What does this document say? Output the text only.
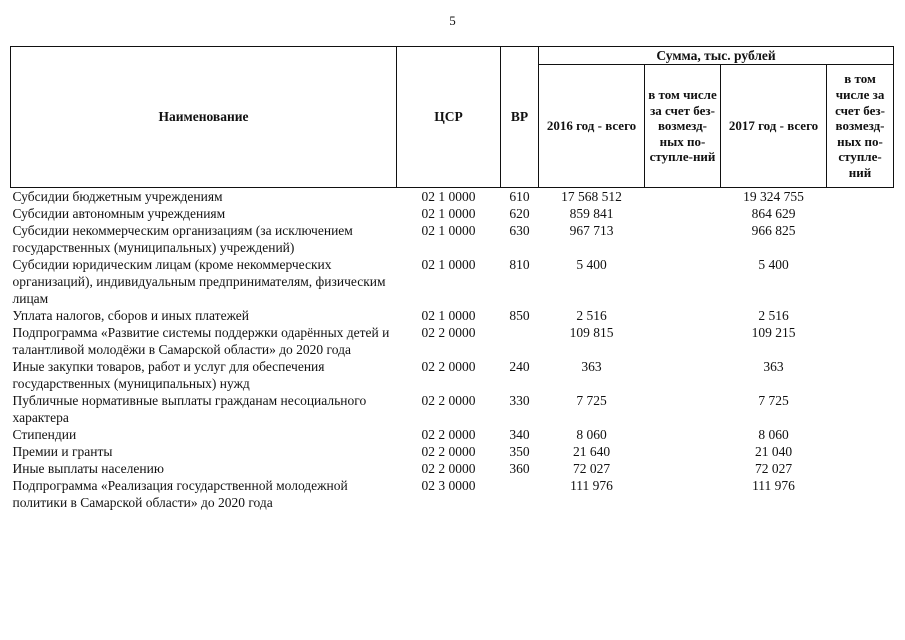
5
Наименование	ЦСР	ВР	Сумма, тыс. рублей			
			2016 год - всего	в том числе за счет без-возмезд-ных по-ступле-ний	2017 год - всего	в том числе за счет без-возмезд-ных по-ступле-ний
Субсидии бюджетным учреждениям	02 1 0000	610	17 568 512		19 324 755	
Субсидии автономным учреждениям	02 1 0000	620	859 841		864 629	
Субсидии некоммерческим организациям (за исключением государственных (муниципальных) учреждений)	02 1 0000	630	967 713		966 825	
Субсидии юридическим лицам (кроме некоммерческих организаций), индивидуальным предпринимателям, физическим лицам	02 1 0000	810	5 400		5 400	
Уплата налогов, сборов и иных платежей	02 1 0000	850	2 516		2 516	
Подпрограмма «Развитие системы поддержки одарённых детей и талантливой молодёжи в Самарской области» до 2020 года	02 2 0000		109 815		109 215	
Иные закупки товаров, работ и услуг для обеспечения государственных (муниципальных) нужд	02 2 0000	240	363		363	
Публичные нормативные выплаты гражданам несоциального характера	02 2 0000	330	7 725		7 725	
Стипендии	02 2 0000	340	8 060		8 060	
Премии и гранты	02 2 0000	350	21 640		21 040	
Иные выплаты населению	02 2 0000	360	72 027		72 027	
Подпрограмма «Реализация государственной молодежной политики в Самарской области» до 2020 года	02 3 0000		111 976		111 976	
